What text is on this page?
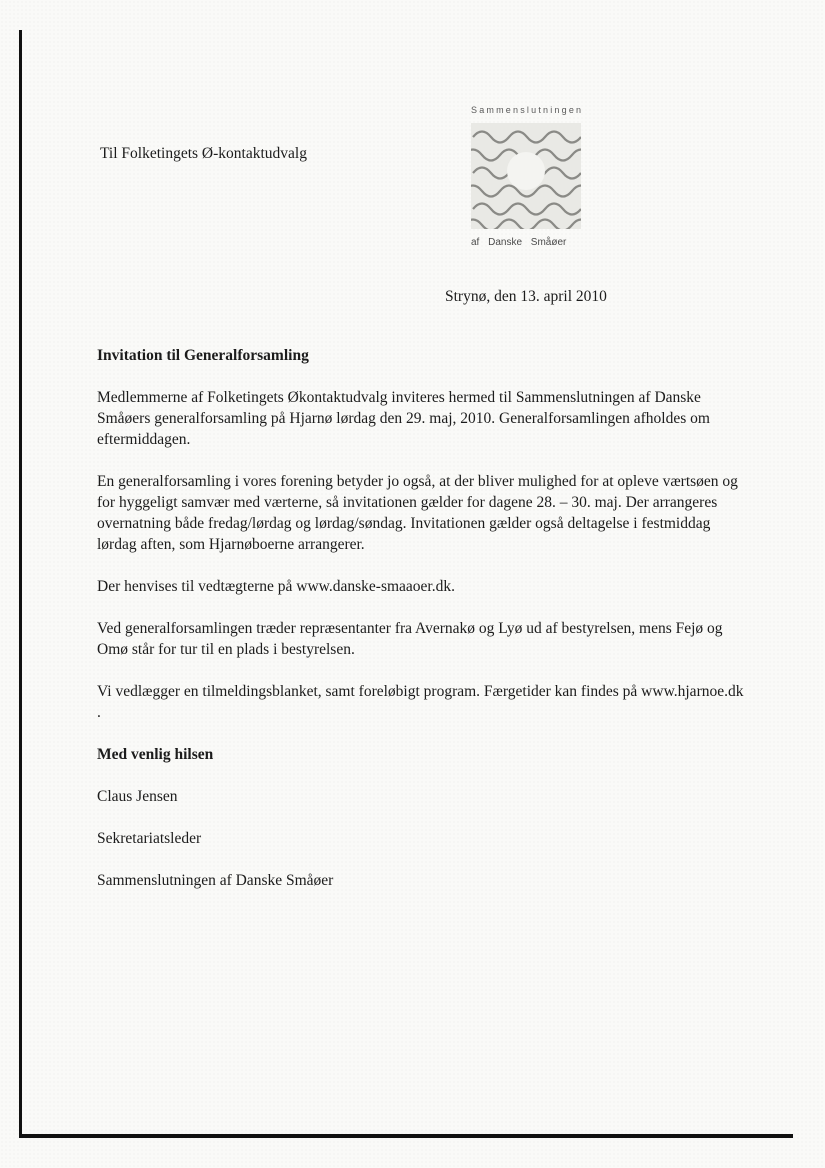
Til Folketingets Ø-kontaktudvalg
Sammenslutningen
af Danske Småøer
Strynø, den 13. april 2010

Invitation til Generalforsamling

Medlemmerne af Folketingets Økontaktudvalg inviteres hermed til Sammenslutningen af Danske Småøers generalforsamling på Hjarnø lørdag den 29. maj, 2010. Generalforsamlingen afholdes om eftermiddagen.

En generalforsamling i vores forening betyder jo også, at der bliver mulighed for at opleve værtsøen og for hyggeligt samvær med værterne, så invitationen gælder for dagene 28. – 30. maj. Der arrangeres overnatning både fredag/lørdag og lørdag/søndag. Invitationen gælder også deltagelse i festmiddag lørdag aften, som Hjarnøboerne arrangerer.

Der henvises til vedtægterne på www.danske-smaaoer.dk.

Ved generalforsamlingen træder repræsentanter fra Avernakø og Lyø ud af bestyrelsen, mens Fejø og Omø står for tur til en plads i bestyrelsen.

Vi vedlægger en tilmeldingsblanket, samt foreløbigt program. Færgetider kan findes på www.hjarnoe.dk .

Med venlig hilsen

Claus Jensen

Sekretariatsleder

Sammenslutningen af Danske Småøer
